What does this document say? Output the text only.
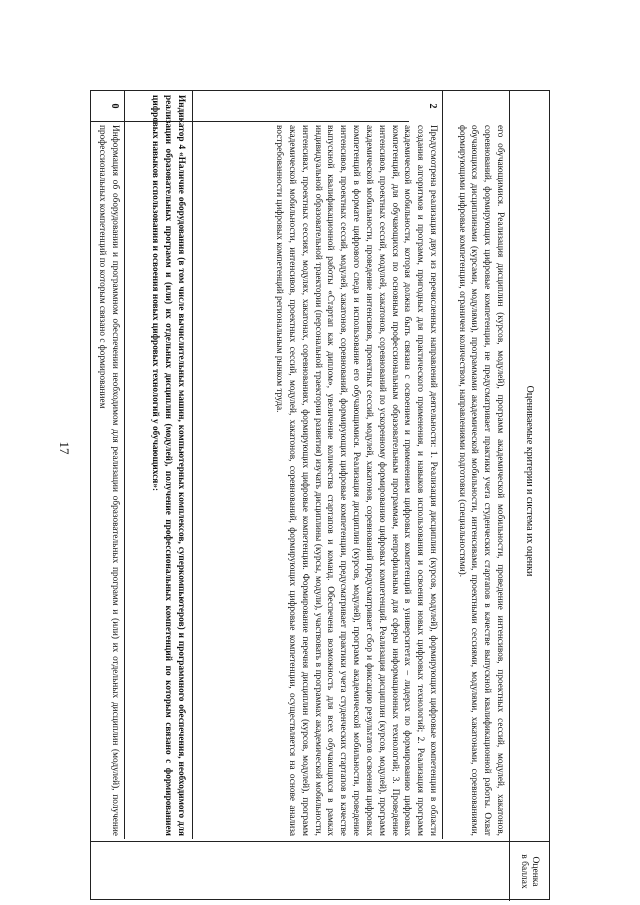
17	Оцениваемые критерии и система их оценки
Оценка
в баллах
его обучающимися. Реализация дисциплин (курсов, модулей), программ академической мобильности, проведение интенсивов, проектных сессий, модулей, хакатонов, соревнований, формирующих цифровые компетенции, не предусматривает практики учета студенческих стартапов в качестве выпускной квалификационной работы. Охват обучающихся дисциплинами (курсами, модулями), программами академической мобильности, интенсивами, проектными сессиями, модулями, хакатонами, соревнованиями, формирующими цифровые компетенции, ограничен количеством, направлениями подготовки (специальностями).
2
Предусмотрена реализация двух из перечисленных направлений деятельности: 1. Реализация дисциплин (курсов, модулей), формирующих цифровые компетенции в области создания алгоритмов и программ, пригодных для практического применения, и навыков использования и освоения новых цифровых технологий; 2. Реализация программ академической мобильности, которая должна быть связана с освоением и применением цифровых компетенций в университетах – лидерах по формированию цифровых компетенций, для обучающихся по основным профессиональным образовательным программам, непрофильным для сферы информационных технологий; 3. Проведение интенсивов, проектных сессий, модулей, хакатонов, соревнований по ускоренному формированию цифровых компетенций. Реализация дисциплин (курсов, модулей), программ академической мобильности, проведение интенсивов, проектных сессий, модулей, хакатонов, соревнований предусматривает сбор и фиксацию результатов освоения цифровых компетенций в формате цифрового следа и использование его обучающимися. Реализация дисциплин (курсов, модулей), программ академической мобильности, проведение интенсивов, проектных сессий, модулей, хакатонов, соревнований, формирующих цифровые компетенции, предусматривает практики учета студенческих стартапов в качестве выпускной квалификационной работы «Стартап как диплом», увеличение количества стартапов и команд. Обеспечена возможность для всех обучающихся в рамках индивидуальной образовательной траектории (персональной траектории развития) изучать дисциплины (курсы, модули), участвовать в программах академической мобильности, интенсивах, проектных сессиях, модулях, хакатонах, соревнованиях, формирующих цифровые компетенции. Формирование перечня дисциплин (курсов, модулей), программ академической мобильности, интенсивов, проектных сессий, модулей, хакатонов, соревнований, формирующих цифровые компетенции, осуществляется на основе анализа востребованности цифровых компетенций региональным рынком труда.
Индикатор 4 «Наличие оборудования (в том числе вычислительных машин, компьютерных комплексов, суперкомпьютеров) и программного обеспечения, необходимого для реализации образовательных программ и (или) их отдельных дисциплин (модулей), получение профессиональных компетенций по которым связано с формированием цифровых навыков использования и освоения новых цифровых технологий у обучающихся»:
0
Информация об оборудовании и программном обеспечении необходимом для реализации образовательных программ и (или) их отдельных дисциплин (модулей), получение профессиональных компетенций по которым связано с формированием
